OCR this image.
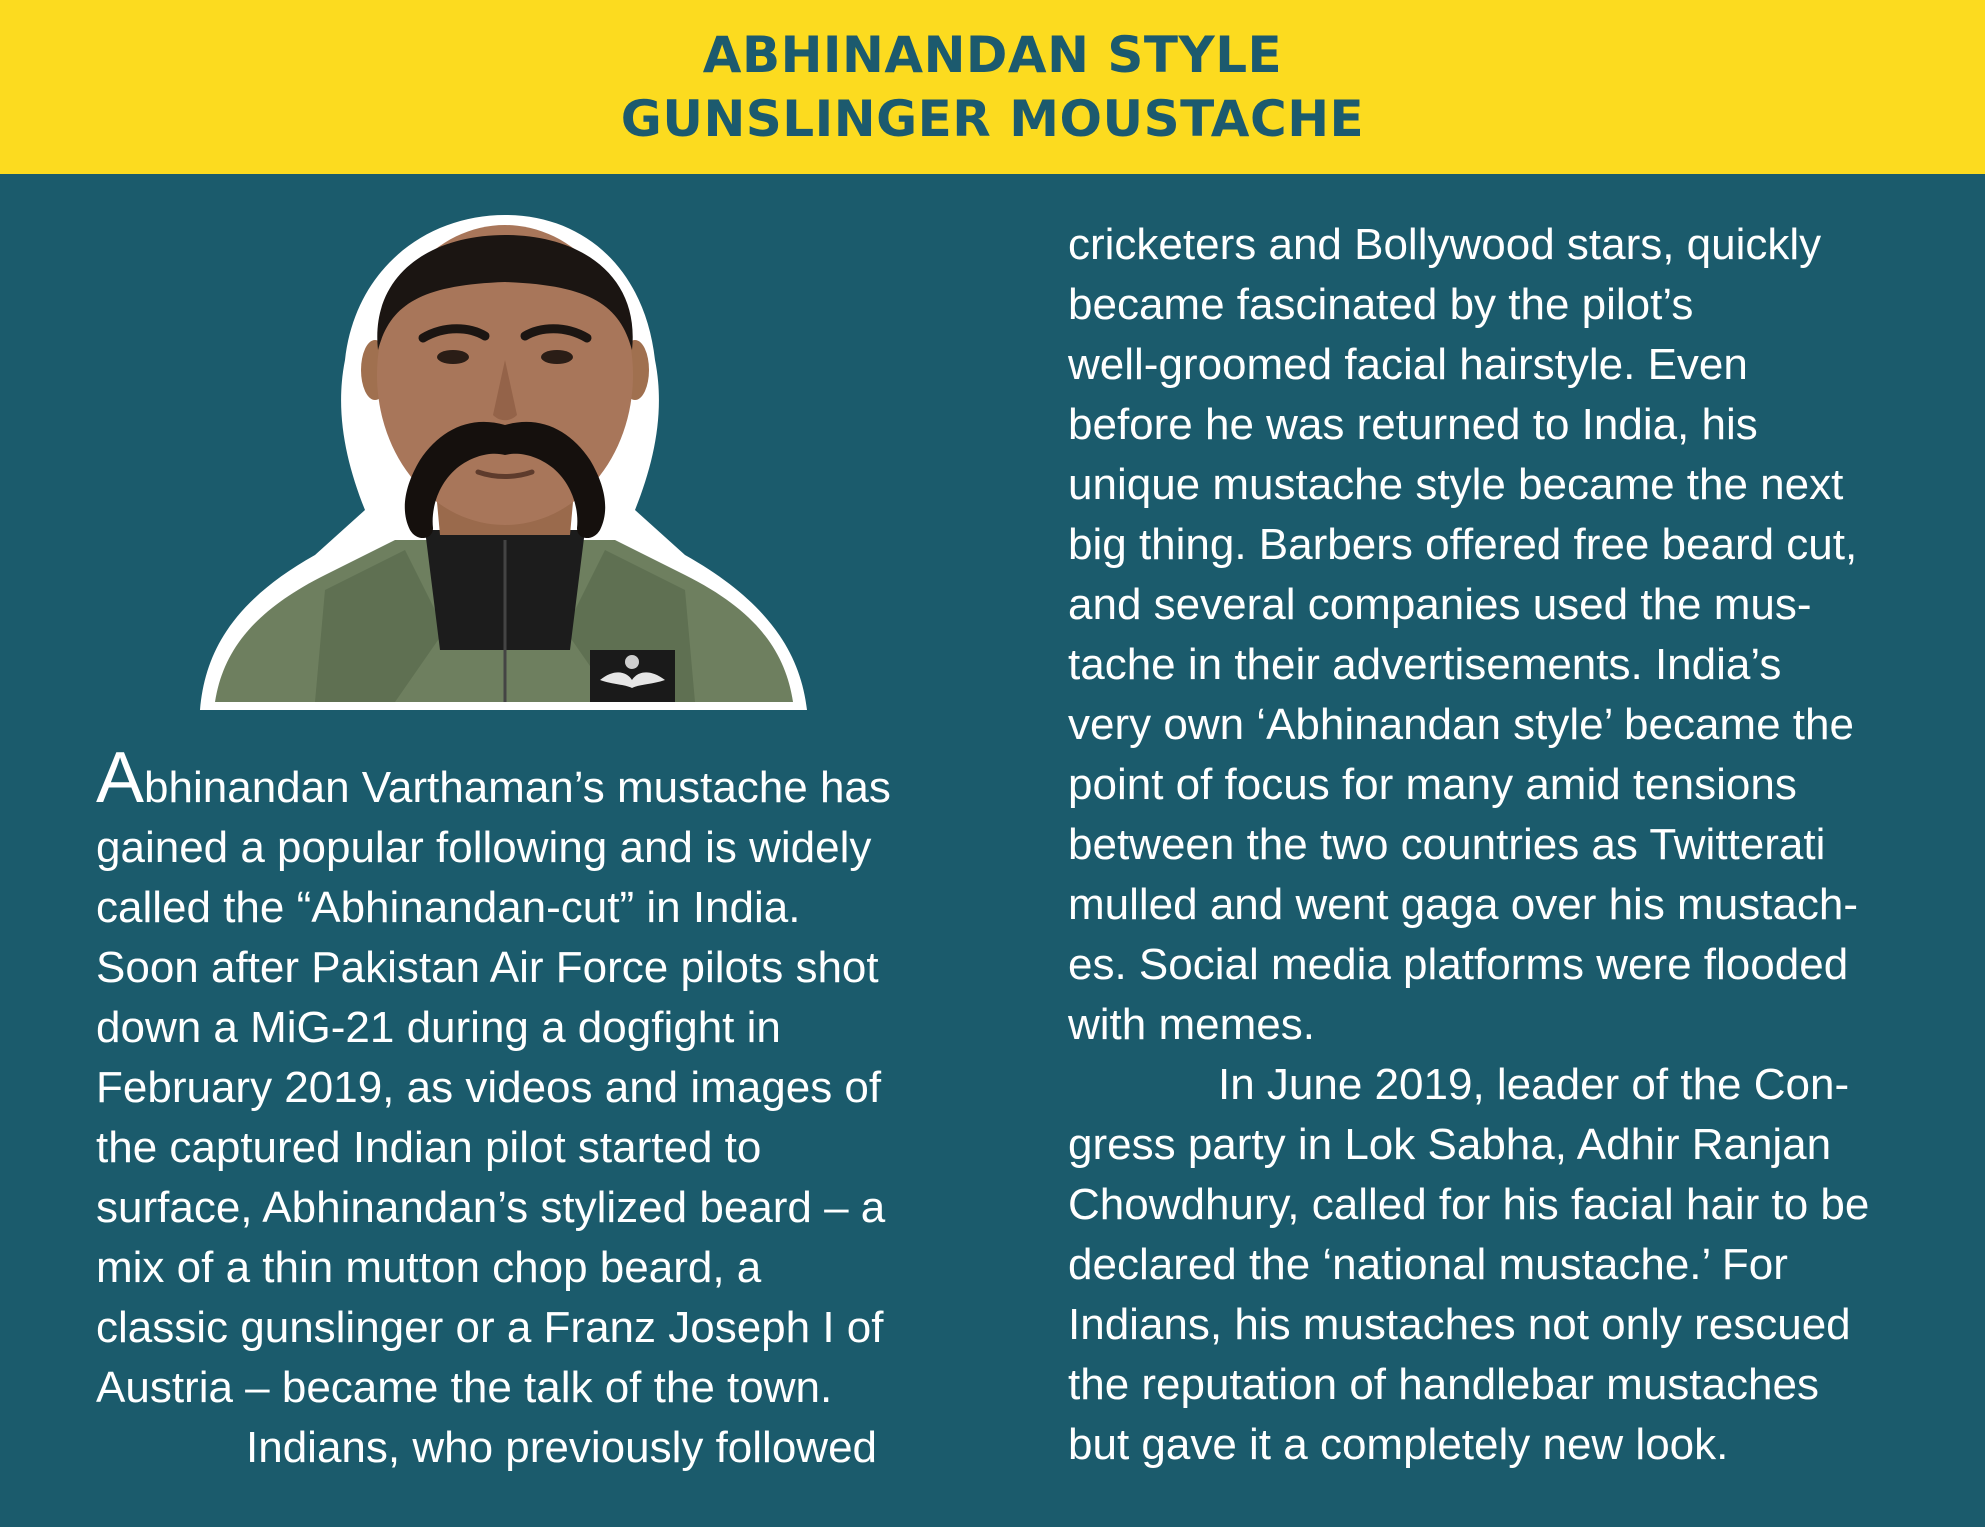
ABHINANDAN STYLE
GUNSLINGER MOUSTACHE
Abhinandan Varthaman’s mustache has
gained a popular following and is widely
called the “Abhinandan-cut” in India.
Soon after Pakistan Air Force pilots shot
down a MiG-21 during a dogfight in
February 2019, as videos and images of
the captured Indian pilot started to
surface, Abhinandan’s stylized beard – a
mix of a thin mutton chop beard, a
classic gunslinger or a Franz Joseph I of
Austria – became the talk of the town.
Indians, who previously followed
cricketers and Bollywood stars, quickly
became fascinated by the pilot’s
well-groomed facial hairstyle. Even
before he was returned to India, his
unique mustache style became the next
big thing. Barbers offered free beard cut,
and several companies used the mus-
tache in their advertisements. India’s
very own ‘Abhinandan style’ became the
point of focus for many amid tensions
between the two countries as Twitterati
mulled and went gaga over his mustach-
es. Social media platforms were flooded
with memes.
In June 2019, leader of the Con-
gress party in Lok Sabha, Adhir Ranjan
Chowdhury, called for his facial hair to be
declared the ‘national mustache.’ For
Indians, his mustaches not only rescued
the reputation of handlebar mustaches
but gave it a completely new look.
